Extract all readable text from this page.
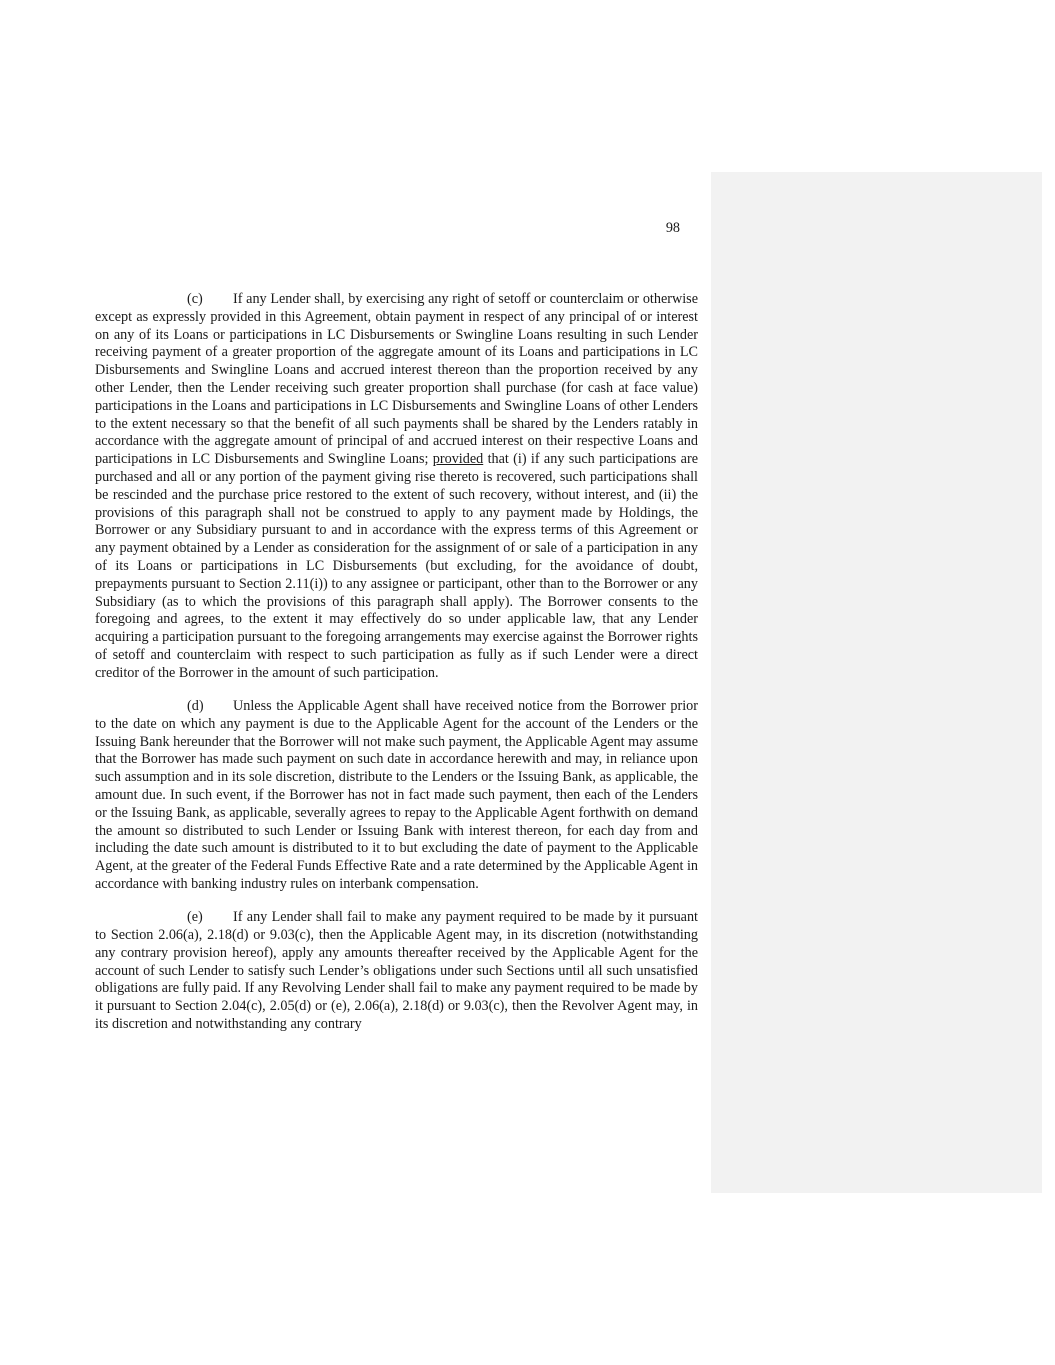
98

(c) If any Lender shall, by exercising any right of setoff or counterclaim or otherwise except as expressly provided in this Agreement, obtain payment in respect of any principal of or interest on any of its Loans or participations in LC Disbursements or Swingline Loans resulting in such Lender receiving payment of a greater proportion of the aggregate amount of its Loans and participations in LC Disbursements and Swingline Loans and accrued interest thereon than the proportion received by any other Lender, then the Lender receiving such greater proportion shall purchase (for cash at face value) participations in the Loans and participations in LC Disbursements and Swingline Loans of other Lenders to the extent necessary so that the benefit of all such payments shall be shared by the Lenders ratably in accordance with the aggregate amount of principal of and accrued interest on their respective Loans and participations in LC Disbursements and Swingline Loans; provided that (i) if any such participations are purchased and all or any portion of the payment giving rise thereto is recovered, such participations shall be rescinded and the purchase price restored to the extent of such recovery, without interest, and (ii) the provisions of this paragraph shall not be construed to apply to any payment made by Holdings, the Borrower or any Subsidiary pursuant to and in accordance with the express terms of this Agreement or any payment obtained by a Lender as consideration for the assignment of or sale of a participation in any of its Loans or participations in LC Disbursements (but excluding, for the avoidance of doubt, prepayments pursuant to Section 2.11(i)) to any assignee or participant, other than to the Borrower or any Subsidiary (as to which the provisions of this paragraph shall apply). The Borrower consents to the foregoing and agrees, to the extent it may effectively do so under applicable law, that any Lender acquiring a participation pursuant to the foregoing arrangements may exercise against the Borrower rights of setoff and counterclaim with respect to such participation as fully as if such Lender were a direct creditor of the Borrower in the amount of such participation.

(d) Unless the Applicable Agent shall have received notice from the Borrower prior to the date on which any payment is due to the Applicable Agent for the account of the Lenders or the Issuing Bank hereunder that the Borrower will not make such payment, the Applicable Agent may assume that the Borrower has made such payment on such date in accordance herewith and may, in reliance upon such assumption and in its sole discretion, distribute to the Lenders or the Issuing Bank, as applicable, the amount due. In such event, if the Borrower has not in fact made such payment, then each of the Lenders or the Issuing Bank, as applicable, severally agrees to repay to the Applicable Agent forthwith on demand the amount so distributed to such Lender or Issuing Bank with interest thereon, for each day from and including the date such amount is distributed to it to but excluding the date of payment to the Applicable Agent, at the greater of the Federal Funds Effective Rate and a rate determined by the Applicable Agent in accordance with banking industry rules on interbank compensation.

(e) If any Lender shall fail to make any payment required to be made by it pursuant to Section 2.06(a), 2.18(d) or 9.03(c), then the Applicable Agent may, in its discretion (notwithstanding any contrary provision hereof), apply any amounts thereafter received by the Applicable Agent for the account of such Lender to satisfy such Lender’s obligations under such Sections until all such unsatisfied obligations are fully paid. If any Revolving Lender shall fail to make any payment required to be made by it pursuant to Section 2.04(c), 2.05(d) or (e), 2.06(a), 2.18(d) or 9.03(c), then the Revolver Agent may, in its discretion and notwithstanding any contrary
